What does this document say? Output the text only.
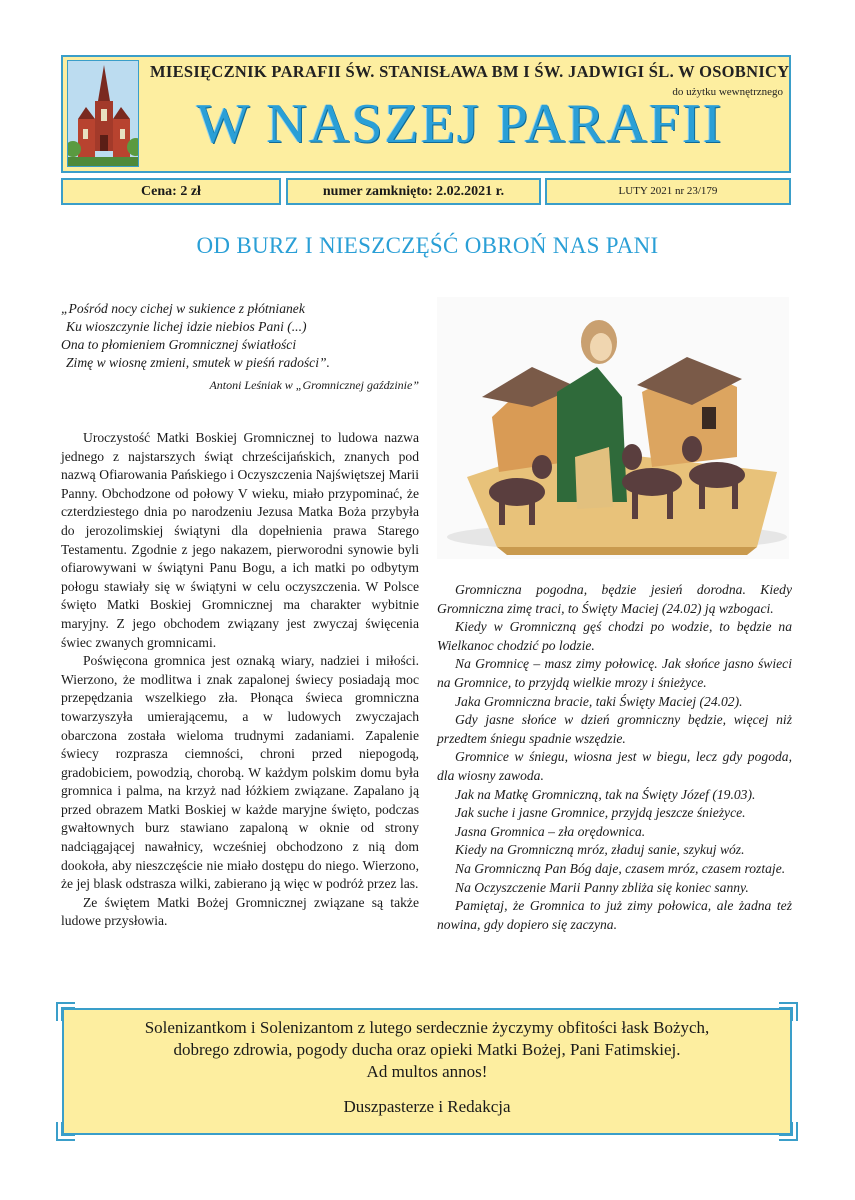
MIESIĘCZNIK PARAFII ŚW. STANISŁAWA BM I ŚW. JADWIGI ŚL. W OSOBNICY
do użytku wewnętrznego
W NASZEJ PARAFII
Cena: 2 zł	numer zamknięto: 2.02.2021 r.	LUTY 2021 nr 23/179
OD BURZ I NIESZCZĘŚĆ OBROŃ NAS PANI
„Pośród nocy cichej w sukience z płótnianek
Ku wioszczynie lichej idzie niebios Pani (...)
Ona to płomieniem Gromnicznej światłości
Zimę w wiosnę zmieni, smutek w pieśń radości”.
Antoni Leśniak w „Gromnicznej gaździnie”

Uroczystość Matki Boskiej Gromnicznej to ludowa nazwa jednego z najstarszych świąt chrześcijańskich, znanych pod nazwą Ofiarowania Pańskiego i Oczyszczenia Najświętszej Marii Panny. Obchodzone od połowy V wieku, miało przypominać, że czterdziestego dnia po narodzeniu Jezusa Matka Boża przybyła do jerozolimskiej świątyni dla dopełnienia prawa Starego Testamentu. Zgodnie z jego nakazem, pierworodni synowie byli ofiarowywani w świątyni Panu Bogu, a ich matki po odbytym połogu stawiały się w świątyni w celu oczyszczenia. W Polsce święto Matki Boskiej Gromnicznej ma charakter wybitnie maryjny. Z jego obchodem związany jest zwyczaj święcenia świec zwanych gromnicami.

Poświęcona gromnica jest oznaką wiary, nadziei i miłości. Wierzono, że modlitwa i znak zapalonej świecy posiadają moc przepędzania wszelkiego zła. Płonąca świeca gromniczna towarzyszyła umierającemu, a w ludowych zwyczajach obarczona została wieloma trudnymi zadaniami. Zapalenie świecy rozprasza ciemności, chroni przed niepogodą, gradobiciem, powodzią, chorobą. W każdym polskim domu była gromnica i palma, na krzyż nad łóżkiem związane. Zapalano ją przed obrazem Matki Boskiej w każde maryjne święto, podczas gwałtownych burz stawiano zapaloną w oknie od strony nadciągającej nawałnicy, wcześniej obchodzono z nią dom dookoła, aby nieszczęście nie miało dostępu do niego. Wierzono, że jej blask odstrasza wilki, zabierano ją więc w podróż przez las.

Ze świętem Matki Bożej Gromnicznej związane są także ludowe przysłowia.

Gromniczna pogodna, będzie jesień dorodna. Kiedy Gromniczna zimę traci, to Święty Maciej (24.02) ją wzbogaci.

Kiedy w Gromniczną gęś chodzi po wodzie, to będzie na Wielkanoc chodzić po lodzie.

Na Gromnicę – masz zimy połowicę. Jak słońce jasno świeci na Gromnice, to przyjdą wielkie mrozy i śnieżyce.

Jaka Gromniczna bracie, taki Święty Maciej (24.02).

Gdy jasne słońce w dzień gromniczny będzie, więcej niż przedtem śniegu spadnie wszędzie.

Gromnice w śniegu, wiosna jest w biegu, lecz gdy pogoda, dla wiosny zawoda.

Jak na Matkę Gromniczną, tak na Święty Józef (19.03).

Jak suche i jasne Gromnice, przyjdą jeszcze śnieżyce.

Jasna Gromnica – zła orędownica.

Kiedy na Gromniczną mróz, zładuj sanie, szykuj wóz.

Na Gromniczną Pan Bóg daje, czasem mróz, czasem roztaje.

Na Oczyszczenie Marii Panny zbliża się koniec sanny.

Pamiętaj, że Gromnica to już zimy połowica, ale żadna też nowina, gdy dopiero się zaczyna.

Solenizantkom i Solenizantom z lutego serdecznie życzymy obfitości łask Bożych,
dobrego zdrowia, pogody ducha oraz opieki Matki Bożej, Pani Fatimskiej.
Ad multos annos!
Duszpasterze i Redakcja
